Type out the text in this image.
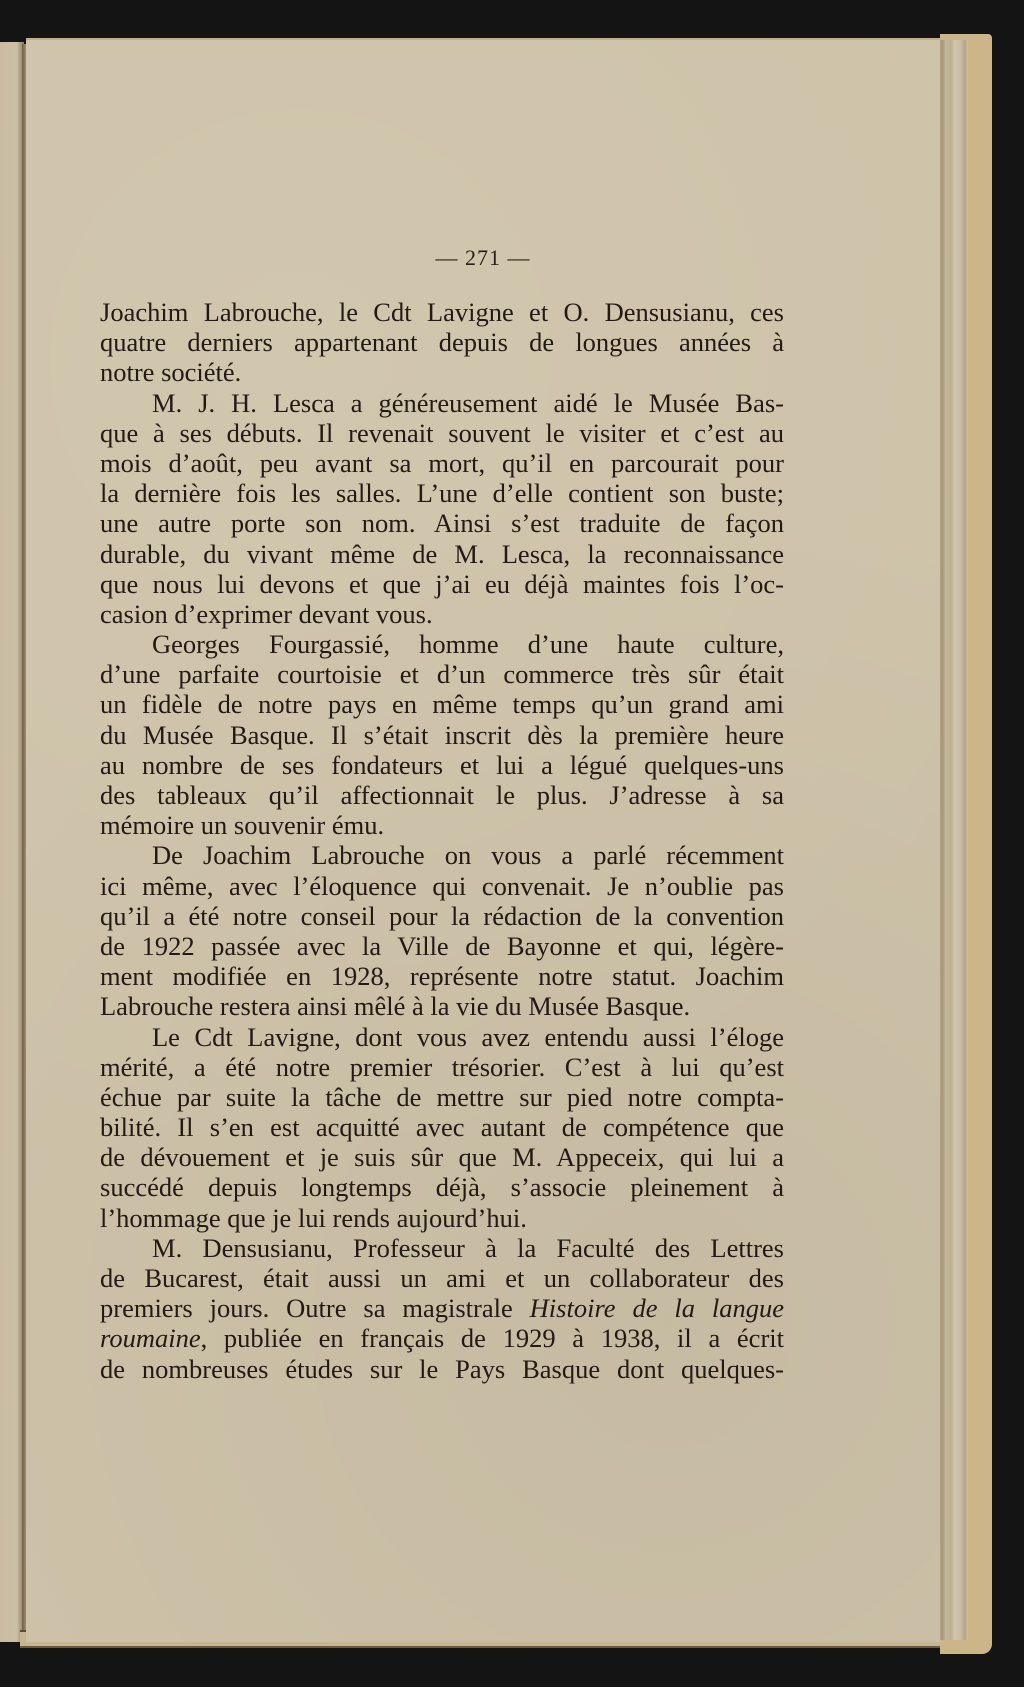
— 271 —
Joachim Labrouche, le Cdt Lavigne et O. Densusianu, ces
quatre derniers appartenant depuis de longues années à
notre société.
M. J. H. Lesca a généreusement aidé le Musée Bas-
que à ses débuts. Il revenait souvent le visiter et c’est au
mois d’août, peu avant sa mort, qu’il en parcourait pour
la dernière fois les salles. L’une d’elle contient son buste;
une autre porte son nom. Ainsi s’est traduite de façon
durable, du vivant même de M. Lesca, la reconnaissance
que nous lui devons et que j’ai eu déjà maintes fois l’oc-
casion d’exprimer devant vous.
Georges Fourgassié, homme d’une haute culture,
d’une parfaite courtoisie et d’un commerce très sûr était
un fidèle de notre pays en même temps qu’un grand ami
du Musée Basque. Il s’était inscrit dès la première heure
au nombre de ses fondateurs et lui a légué quelques-uns
des tableaux qu’il affectionnait le plus. J’adresse à sa
mémoire un souvenir ému.
De Joachim Labrouche on vous a parlé récemment
ici même, avec l’éloquence qui convenait. Je n’oublie pas
qu’il a été notre conseil pour la rédaction de la convention
de 1922 passée avec la Ville de Bayonne et qui, légère-
ment modifiée en 1928, représente notre statut. Joachim
Labrouche restera ainsi mêlé à la vie du Musée Basque.
Le Cdt Lavigne, dont vous avez entendu aussi l’éloge
mérité, a été notre premier trésorier. C’est à lui qu’est
échue par suite la tâche de mettre sur pied notre compta-
bilité. Il s’en est acquitté avec autant de compétence que
de dévouement et je suis sûr que M. Appeceix, qui lui a
succédé depuis longtemps déjà, s’associe pleinement à
l’hommage que je lui rends aujourd’hui.
M. Densusianu, Professeur à la Faculté des Lettres
de Bucarest, était aussi un ami et un collaborateur des
premiers jours. Outre sa magistrale Histoire de la langue
roumaine, publiée en français de 1929 à 1938, il a écrit
de nombreuses études sur le Pays Basque dont quelques-
